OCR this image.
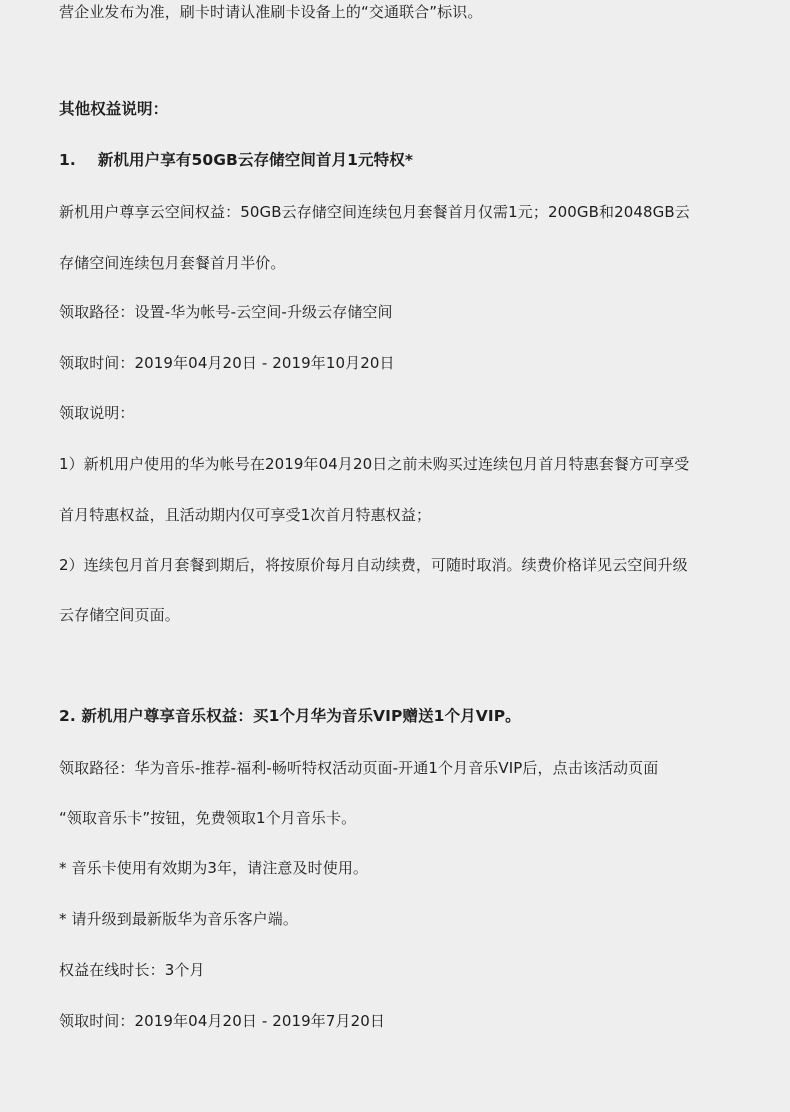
营企业发布为准，刷卡时请认准刷卡设备上的“交通联合”标识。
其他权益说明：
1.    新机用户享有50GB云存储空间首月1元特权*
新机用户尊享云空间权益：50GB云存储空间连续包月套餐首月仅需1元；200GB和2048GB云
存储空间连续包月套餐首月半价。
领取路径：设置-华为帐号-云空间-升级云存储空间
领取时间：2019年04月20日 - 2019年10月20日
领取说明：
1）新机用户使用的华为帐号在2019年04月20日之前未购买过连续包月首月特惠套餐方可享受
首月特惠权益，且活动期内仅可享受1次首月特惠权益；
2）连续包月首月套餐到期后，将按原价每月自动续费，可随时取消。续费价格详见云空间升级
云存储空间页面。
2. 新机用户尊享音乐权益：买1个月华为音乐VIP赠送1个月VIP。
领取路径：华为音乐-推荐-福利-畅听特权活动页面-开通1个月音乐VIP后，点击该活动页面
“领取音乐卡”按钮，免费领取1个月音乐卡。
* 音乐卡使用有效期为3年，请注意及时使用。
* 请升级到最新版华为音乐客户端。
权益在线时长：3个月
领取时间：2019年04月20日 - 2019年7月20日
